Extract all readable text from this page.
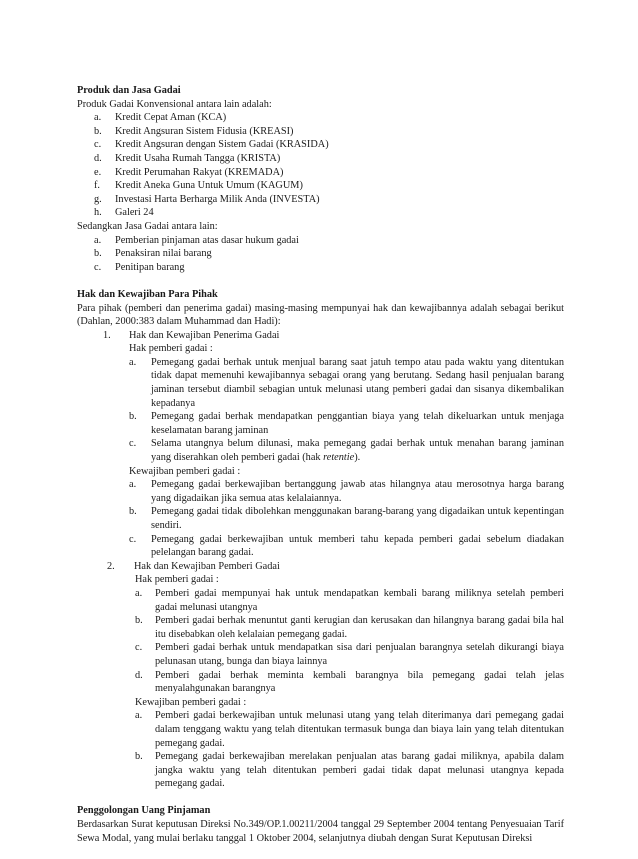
Produk dan Jasa Gadai
Produk Gadai Konvensional antara lain adalah:
a.	Kredit Cepat Aman (KCA)
b.	Kredit Angsuran Sistem Fidusia (KREASI)
c.	Kredit Angsuran dengan Sistem Gadai (KRASIDA)
d.	Kredit Usaha Rumah Tangga (KRISTA)
e.	Kredit Perumahan Rakyat (KREMADA)
f.	Kredit Aneka Guna Untuk Umum (KAGUM)
g.	Investasi Harta Berharga Milik Anda (INVESTA)
h.	Galeri 24
Sedangkan Jasa Gadai antara lain:
a.	Pemberian pinjaman atas dasar hukum gadai
b.	Penaksiran nilai barang
c.	Penitipan barang
Hak dan Kewajiban Para Pihak
Para pihak (pemberi dan penerima gadai) masing-masing mempunyai hak dan kewajibannya adalah sebagai berikut (Dahlan, 2000:383 dalam Muhammad dan Hadi):
1.	Hak dan Kewajiban Penerima Gadai
Hak pemberi gadai :
a.	Pemegang gadai berhak untuk menjual barang saat jatuh tempo atau pada waktu yang ditentukan tidak dapat memenuhi kewajibannya sebagai orang yang berutang. Sedang hasil penjualan barang jaminan tersebut diambil sebagian untuk melunasi utang pemberi gadai dan sisanya dikembalikan kepadanya
b.	Pemegang gadai berhak mendapatkan penggantian biaya yang telah dikeluarkan untuk menjaga keselamatan barang jaminan
c.	Selama utangnya belum dilunasi, maka pemegang gadai berhak untuk menahan barang jaminan yang diserahkan oleh pemberi gadai (hak retentie).
Kewajiban pemberi gadai :
a.	Pemegang gadai berkewajiban bertanggung jawab atas hilangnya atau merosotnya harga barang yang digadaikan jika semua atas kelalaiannya.
b.	Pemegang gadai tidak dibolehkan menggunakan barang-barang yang digadaikan untuk kepentingan sendiri.
c.	Pemegang gadai berkewajiban untuk memberi tahu kepada pemberi gadai sebelum diadakan pelelangan barang gadai.
2.	Hak dan Kewajiban Pemberi Gadai
Hak pemberi gadai :
a.	Pemberi gadai mempunyai hak untuk mendapatkan kembali barang miliknya setelah pemberi gadai melunasi utangnya
b.	Pemberi gadai berhak menuntut ganti kerugian dan kerusakan dan hilangnya barang gadai bila hal itu disebabkan oleh kelalaian pemegang gadai.
c.	Pemberi gadai berhak untuk mendapatkan sisa dari penjualan barangnya setelah dikurangi biaya pelunasan utang, bunga dan biaya lainnya
d.	Pemberi gadai berhak meminta kembali barangnya bila pemegang gadai telah jelas menyalahgunakan barangnya
Kewajiban pemberi gadai :
a.	Pemberi gadai berkewajiban untuk melunasi utang yang telah diterimanya dari pemegang gadai dalam tenggang waktu yang telah ditentukan termasuk bunga dan biaya lain yang telah ditentukan pemegang gadai.
b.	Pemegang gadai berkewajiban merelakan penjualan atas barang gadai miliknya, apabila dalam jangka waktu yang telah ditentukan pemberi gadai tidak dapat melunasi utangnya kepada pemegang gadai.
Penggolongan Uang Pinjaman
Berdasarkan Surat keputusan Direksi No.349/OP.1.00211/2004 tanggal 29 September 2004 tentang Penyesuaian Tarif Sewa Modal, yang mulai berlaku tanggal 1 Oktober 2004, selanjutnya diubah dengan Surat Keputusan Direksi
